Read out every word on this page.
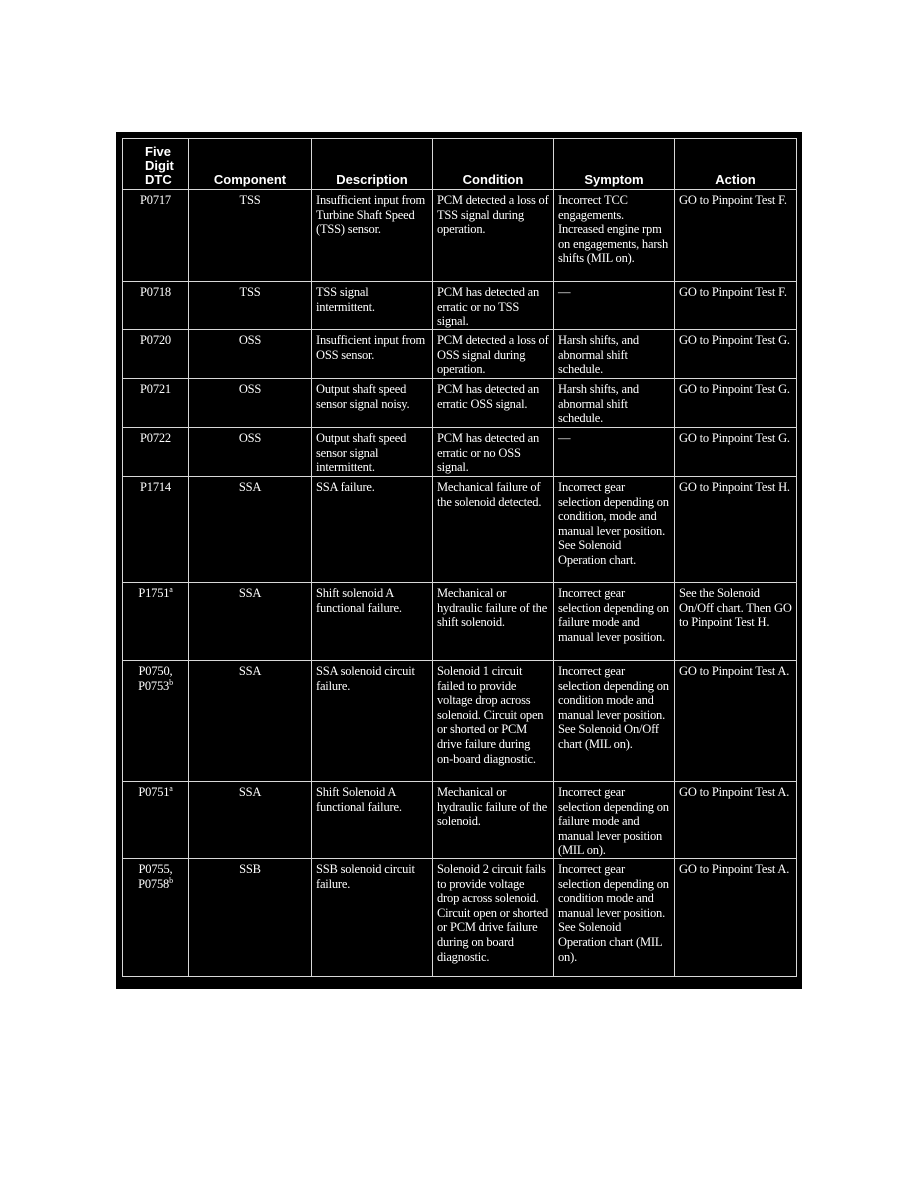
Five
Digit
DTC	Component	Description	Condition	Symptom	Action

P0717	TSS	Insufficient input from Turbine Shaft Speed (TSS) sensor.	PCM detected a loss of TSS signal during operation.	Incorrect TCC engagements. Increased engine rpm on engagements, harsh shifts (MIL on).	GO to Pinpoint Test F.

P0718	TSS	TSS signal intermittent.	PCM has detected an erratic or no TSS signal.	—	GO to Pinpoint Test F.

P0720	OSS	Insufficient input from OSS sensor.	PCM detected a loss of OSS signal during operation.	Harsh shifts, and abnormal shift schedule.	GO to Pinpoint Test G.

P0721	OSS	Output shaft speed sensor signal noisy.	PCM has detected an erratic OSS signal.	Harsh shifts, and abnormal shift schedule.	GO to Pinpoint Test G.

P0722	OSS	Output shaft speed sensor signal intermittent.	PCM has detected an erratic or no OSS signal.	—	GO to Pinpoint Test G.

P1714	SSA	SSA failure.	Mechanical failure of the solenoid detected.	Incorrect gear selection depending on condition, mode and manual lever position. See Solenoid Operation chart.	GO to Pinpoint Test H.
P1751$^a$	SSA	Shift solenoid A functional failure.	Mechanical or hydraulic failure of the shift solenoid.	Incorrect gear selection depending on failure mode and manual lever position.	See the Solenoid On/Off chart. Then GO to Pinpoint Test H.

P0750,
P0753$^b$	SSA	SSA solenoid circuit failure.	Solenoid 1 circuit failed to provide voltage drop across solenoid. Circuit open or shorted or PCM drive failure during on-board diagnostic.	Incorrect gear selection depending on condition mode and manual lever position. See Solenoid On/Off chart (MIL on).	GO to Pinpoint Test A.
P0751$^a$	SSA	Shift Solenoid A functional failure.	Mechanical or hydraulic failure of the solenoid.	Incorrect gear selection depending on failure mode and manual lever position (MIL on).	GO to Pinpoint Test A.

P0755,
P0758$^b$	SSB	SSB solenoid circuit failure.	Solenoid 2 circuit fails to provide voltage drop across solenoid. Circuit open or shorted or PCM drive failure during on board diagnostic.	Incorrect gear selection depending on condition mode and manual lever position. See Solenoid Operation chart (MIL on).	GO to Pinpoint Test A.
